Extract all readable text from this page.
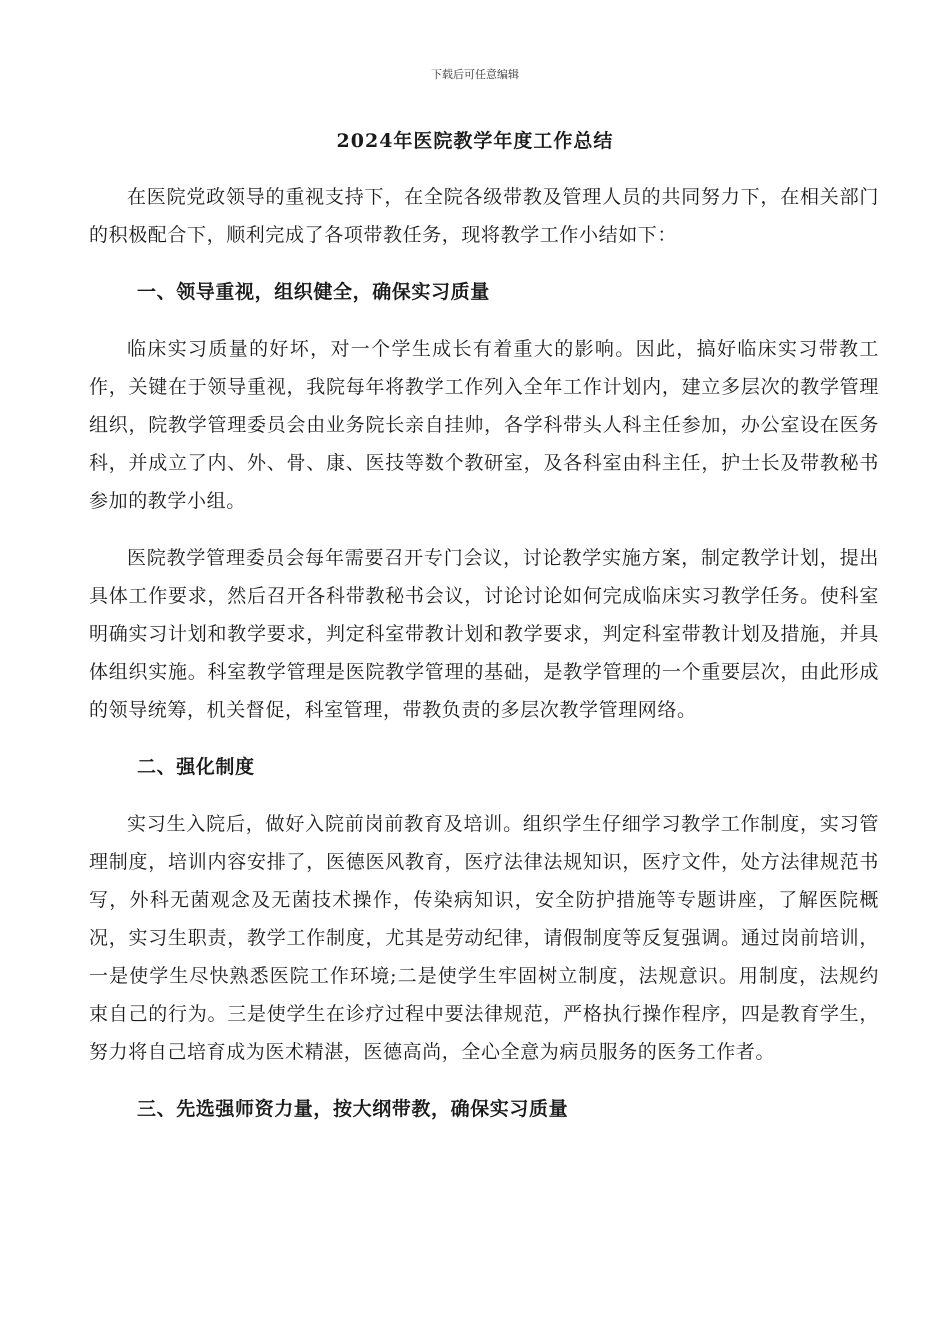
下载后可任意编辑
2024年医院教学年度工作总结

在医院党政领导的重视支持下，在全院各级带教及管理人员的共同努力下，在相关部门的积极配合下，顺利完成了各项带教任务，现将教学工作小结如下：

一、领导重视，组织健全，确保实习质量

临床实习质量的好坏，对一个学生成长有着重大的影响。因此，搞好临床实习带教工作，关键在于领导重视，我院每年将教学工作列入全年工作计划内，建立多层次的教学管理组织，院教学管理委员会由业务院长亲自挂帅，各学科带头人科主任参加，办公室设在医务科，并成立了内、外、骨、康、医技等数个教研室，及各科室由科主任，护士长及带教秘书参加的教学小组。

医院教学管理委员会每年需要召开专门会议，讨论教学实施方案，制定教学计划，提出具体工作要求，然后召开各科带教秘书会议，讨论讨论如何完成临床实习教学任务。使科室明确实习计划和教学要求，判定科室带教计划和教学要求，判定科室带教计划及措施，并具体组织实施。科室教学管理是医院教学管理的基础，是教学管理的一个重要层次，由此形成的领导统筹，机关督促，科室管理，带教负责的多层次教学管理网络。

二、强化制度

实习生入院后，做好入院前岗前教育及培训。组织学生仔细学习教学工作制度，实习管理制度，培训内容安排了，医德医风教育，医疗法律法规知识，医疗文件，处方法律规范书写，外科无菌观念及无菌技术操作，传染病知识，安全防护措施等专题讲座，了解医院概况，实习生职责，教学工作制度，尤其是劳动纪律，请假制度等反复强调。通过岗前培训，一是使学生尽快熟悉医院工作环境;二是使学生牢固树立制度，法规意识。用制度，法规约束自己的行为。三是使学生在诊疗过程中要法律规范，严格执行操作程序，四是教育学生，努力将自己培育成为医术精湛，医德高尚，全心全意为病员服务的医务工作者。

三、先选强师资力量，按大纲带教，确保实习质量
